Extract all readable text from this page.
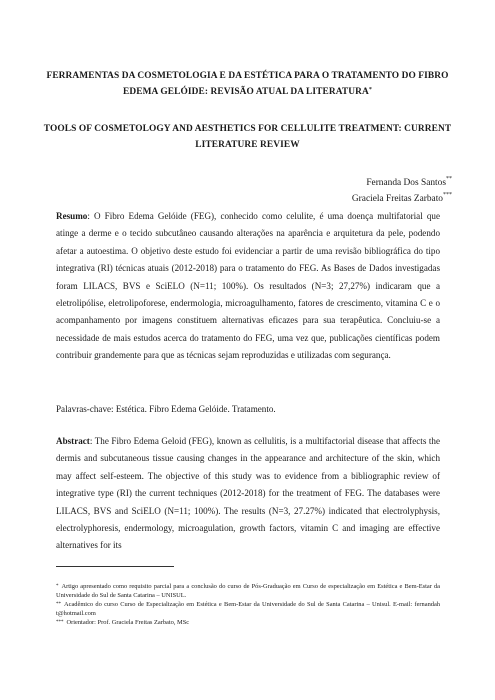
FERRAMENTAS DA COSMETOLOGIA E DA ESTÉTICA PARA O TRATAMENTO DO FIBRO EDEMA GELÓIDE: REVISÃO ATUAL DA LITERATURA*
TOOLS OF COSMETOLOGY AND AESTHETICS FOR CELLULITE TREATMENT: CURRENT LITERATURE REVIEW
Fernanda Dos Santos**
Graciela Freitas Zarbato***
Resumo: O Fibro Edema Gelóide (FEG), conhecido como celulite, é uma doença multifatorial que atinge a derme e o tecido subcutâneo causando alterações na aparência e arquitetura da pele, podendo afetar a autoestima. O objetivo deste estudo foi evidenciar a partir de uma revisão bibliográfica do tipo integrativa (RI) técnicas atuais (2012-2018) para o tratamento do FEG. As Bases de Dados investigadas foram LILACS, BVS e SciELO (N=11; 100%). Os resultados (N=3; 27,27%) indicaram que a eletrolipólise, eletrolipoforese, endermologia, microagulhamento, fatores de crescimento, vitamina C e o acompanhamento por imagens constituem alternativas eficazes para sua terapêutica. Concluiu-se a necessidade de mais estudos acerca do tratamento do FEG, uma vez que, publicações científicas podem contribuir grandemente para que as técnicas sejam reproduzidas e utilizadas com segurança.
Palavras-chave: Estética. Fibro Edema Gelóide. Tratamento.
Abstract: The Fibro Edema Geloid (FEG), known as cellulitis, is a multifactorial disease that affects the dermis and subcutaneous tissue causing changes in the appearance and architecture of the skin, which may affect self-esteem. The objective of this study was to evidence from a bibliographic review of integrative type (RI) the current techniques (2012-2018) for the treatment of FEG. The databases were LILACS, BVS and SciELO (N=11; 100%). The results (N=3, 27.27%) indicated that electrolyphysis, electrolyphoresis, endermology, microagulation, growth factors, vitamin C and imaging are effective alternatives for its
* Artigo apresentado como requisito parcial para a conclusão do curso de Pós-Graduação em Curso de especialização em Estética e Bem-Estar da Universidade do Sul de Santa Catarina – UNISUL.
** Acadêmico do curso Curso de Especialização em Estética e Bem-Estar da Universidade do Sul de Santa Catarina – Unisul. E-mail: fernandah t@hotmail.com
*** Orientador: Prof. Graciela Freitas Zarbato, MSc
